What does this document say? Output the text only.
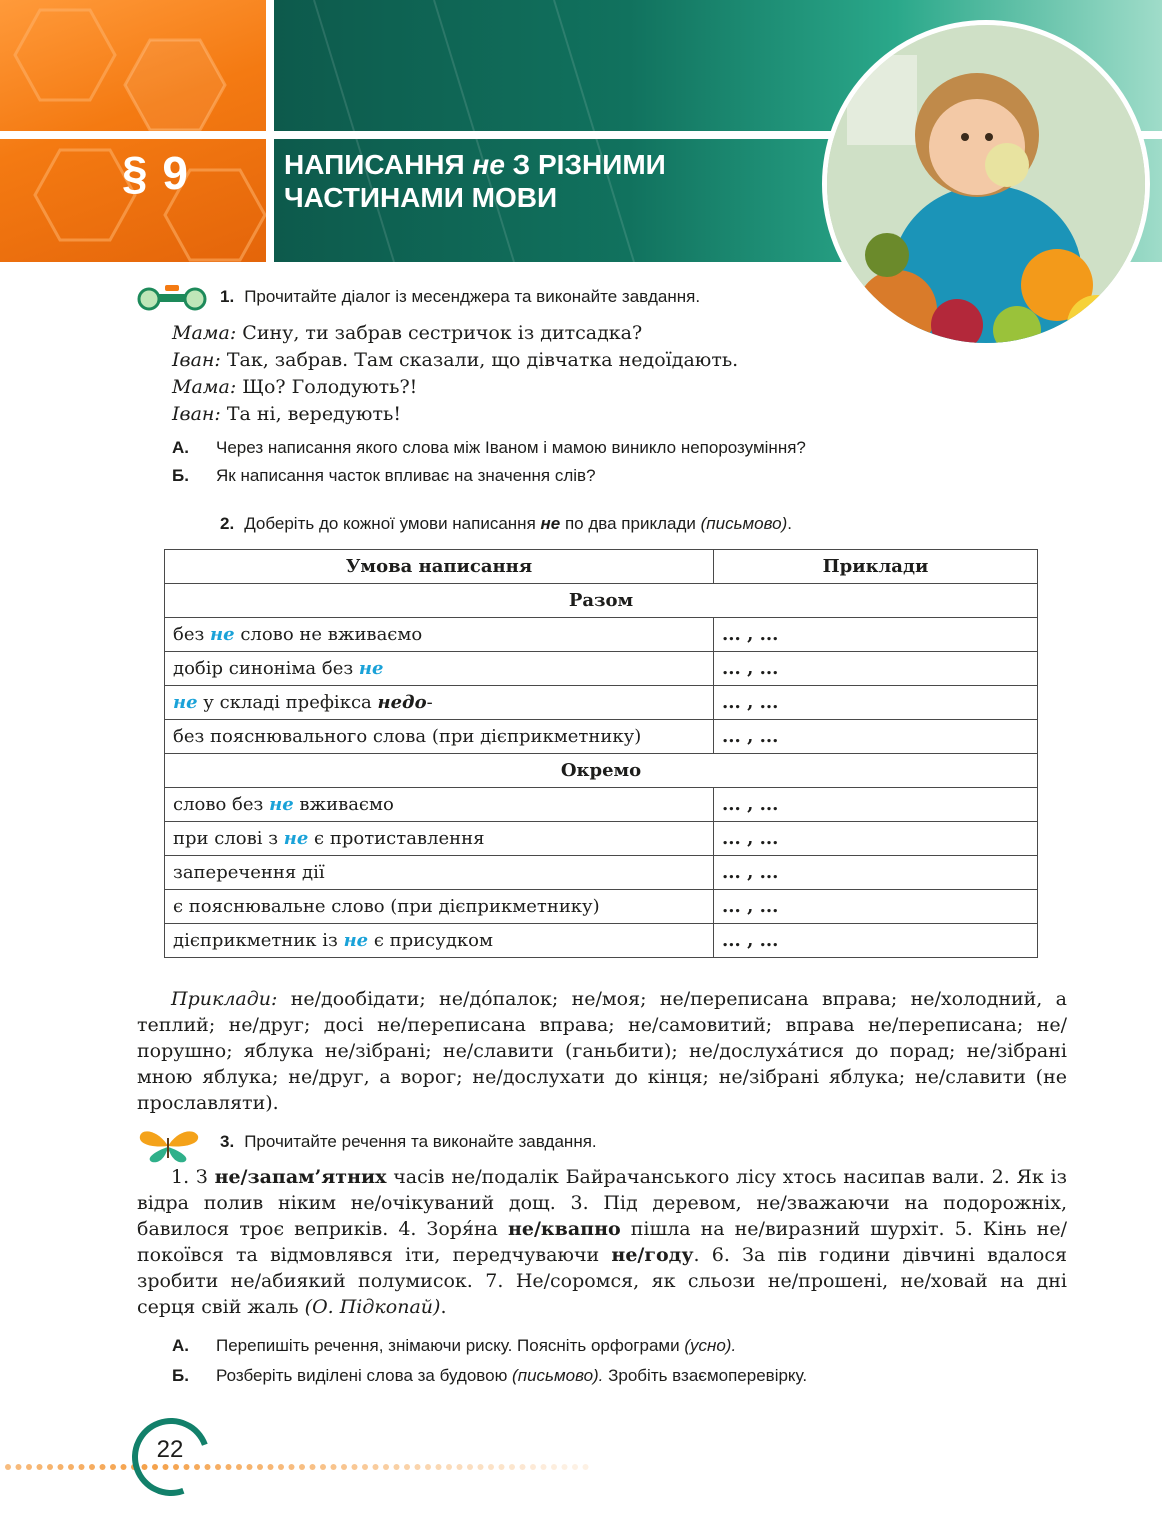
§ 9	НАПИСАННЯ не З РІЗНИМИ
ЧАСТИНАМИ МОВИ
1. Прочитайте діалог із месенджера та виконайте завдання.
Мама: Сину, ти забрав сестричок із дитсадка?
Іван: Так, забрав. Там сказали, що дівчатка недоїдають.
Мама: Що? Голодують?!
Іван: Та ні, вередують!
А. Через написання якого слова між Іваном і мамою виникло непорозуміння?
Б. Як написання часток впливає на значення слів?
2. Доберіть до кожної умови написання не по два приклади (письмово).
Умова написання	Приклади
Разом	
без не слово не вживаємо	... , ...
добір синоніма без не	... , ...
не у складі префікса недо-	... , ...
без пояснювального слова (при дієприкметнику)	... , ...
Окремо	
слово без не вживаємо	... , ...
при слові з не є протиставлення	... , ...
заперечення дії	... , ...
є пояснювальне слово (при дієприкметнику)	... , ...
дієприкметник із не є присудком	... , ...
Приклади: не/дообідати; не/до́палок; не/моя; не/переписана вправа; не/холодний, а теплий; не/друг; досі не/переписана вправа; не/самовитий; вправа не/переписана; не/порушно; яблука не/зібрані; не/славити (ганьбити); не/дослуха́тися до порад; не/зібрані мною яблука; не/друг, а ворог; не/дослухати до кінця; не/зібрані яблука; не/славити (не прославляти).
3. Прочитайте речення та виконайте завдання.
1. З не/запам’ятних часів не/подалік Байрачанського лісу хтось насипав вали. 2. Як із відра полив ніким не/очікуваний дощ. 3. Під деревом, не/зважаючи на подорожніх, бавилося троє веприків. 4. Зоря́на не/квапно пішла на не/виразний шурхіт. 5. Кінь не/покоївся та відмовлявся іти, передчуваючи не/году. 6. За пів години дівчині вдалося зробити не/абиякий полумисок. 7. Не/соромся, як сльози не/прошені, не/ховай на дні серця свій жаль (О. Підкопай).
А. Перепишіть речення, знімаючи риску. Поясніть орфограми (усно).
Б. Розберіть виділені слова за будовою (письмово). Зробіть взаємоперевірку.
22
